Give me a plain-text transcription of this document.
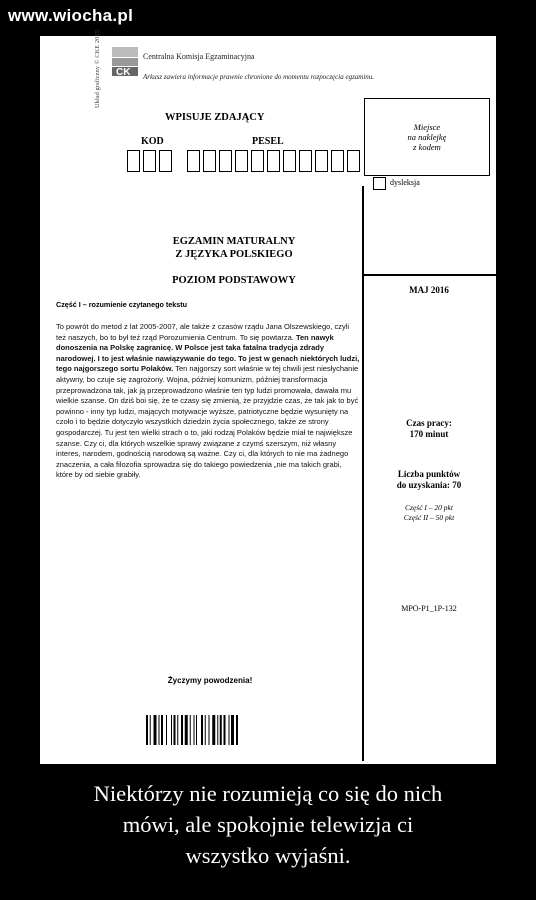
www.wiocha.pl
CK
Centralna Komisja Egzaminacyjna
Arkusz zawiera informacje prawnie chronione do momentu rozpoczęcia egzaminu.
Układ graficzny © CKE 2015
WPISUJE ZDAJĄCY
KOD	PESEL
Miejsce
na naklejkę
z kodem
dysleksja
EGZAMIN MATURALNY
Z JĘZYKA POLSKIEGO
POZIOM PODSTAWOWY
MAJ 2016
Część I – rozumienie czytanego tekstu
To powrót do metod z lat 2005-2007, ale także z czasów rządu Jana Olszewskiego, czyli też naszych, bo to był też rząd Porozumienia Centrum. To się powtarza. Ten nawyk donoszenia na Polskę zagranicę. W Polsce jest taka fatalna tradycja zdrady narodowej. I to jest właśnie nawiązywanie do tego. To jest w genach niektórych ludzi, tego najgorszego sortu Polaków. Ten najgorszy sort właśnie w tej chwili jest niesłychanie aktywny, bo czuje się zagrożony. Wojna, później komunizm, później transformacja przeprowadzona tak, jak ją przeprowadzono właśnie ten typ ludzi promowała, dawała mu wielkie szanse. On dziś boi się, że te czasy się zmienią, że przyjdzie czas, że tak jak to być powinno - inny typ ludzi, mających motywacje wyższe, patriotyczne będzie wysunięty na czoło i to będzie dotyczyło wszystkich dziedzin życia społecznego, także ze strony gospodarczej. Tu jest ten wielki strach o to, jaki rodzaj Polaków będzie miał te największe szanse. Czy ci, dla których wszelkie sprawy związane z czymś szerszym, niż własny interes, narodem, godnością narodową są ważne. Czy ci, dla których to nie ma żadnego znaczenia, a cała filozofia sprowadza się do takiego powiedzenia „nie ma takich grabi, które by od siebie grabiły.
Czas pracy:
170 minut
Liczba punktów
do uzyskania: 70
Część I – 20 pkt
Część II – 50 pkt
MPO-P1_1P-132
Życzymy powodzenia!
Niektórzy nie rozumieją co się do nich
mówi, ale spokojnie telewizja ci
wszystko wyjaśni.
